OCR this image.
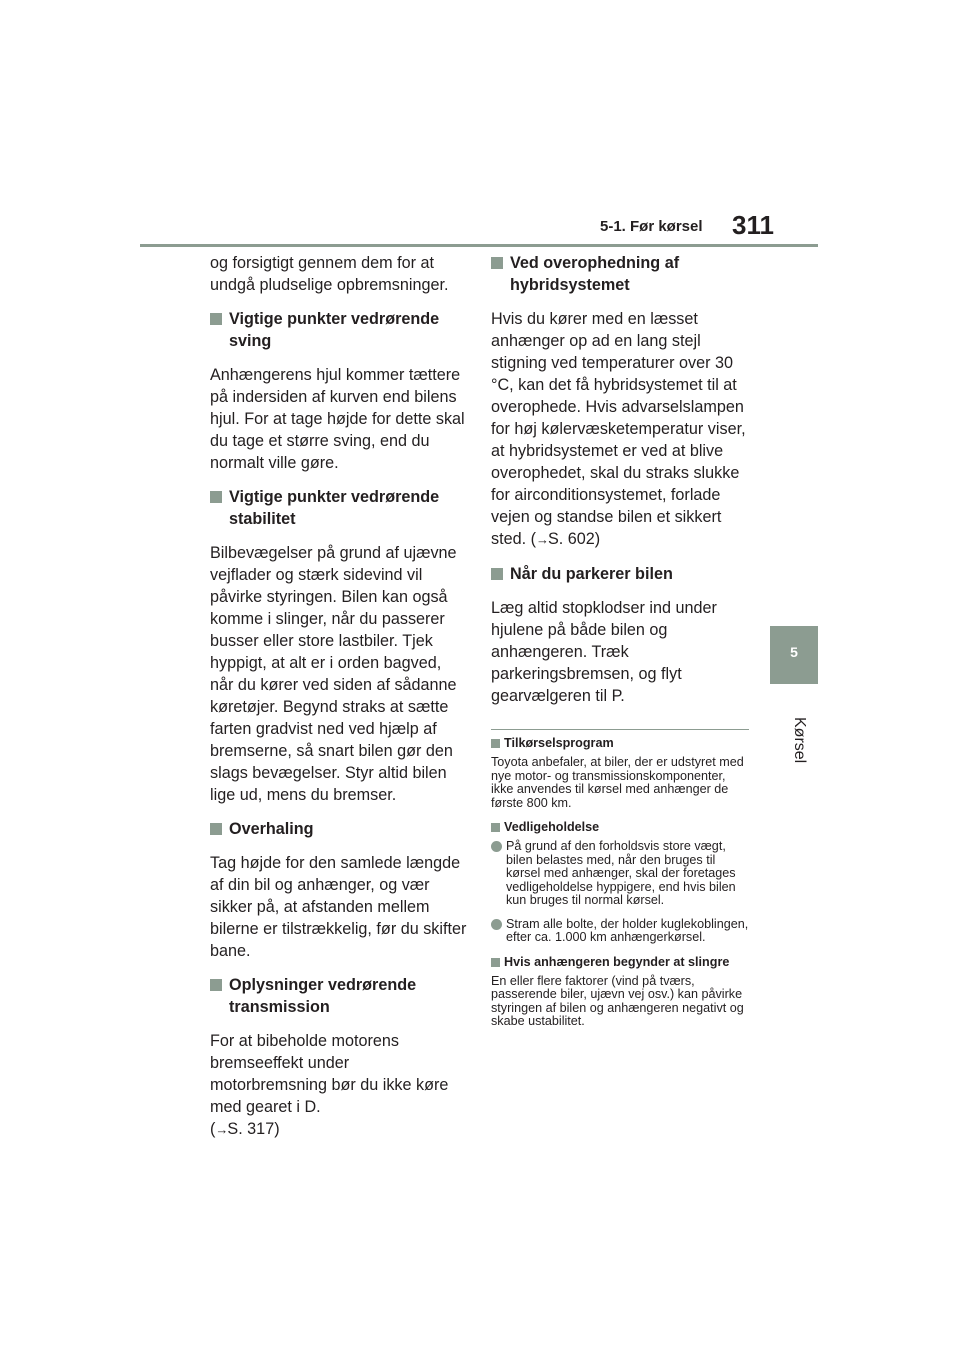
5-1. Før kørsel 311
5
Kørsel

og forsigtigt gennem dem for at undgå pludselige opbremsninger.

Vigtige punkter vedrørende sving

Anhængerens hjul kommer tættere på indersiden af kurven end bilens hjul. For at tage højde for dette skal du tage et større sving, end du normalt ville gøre.

Vigtige punkter vedrørende stabilitet

Bilbevægelser på grund af ujævne vejflader og stærk sidevind vil påvirke styringen. Bilen kan også komme i slinger, når du passerer busser eller store lastbiler. Tjek hyppigt, at alt er i orden bagved, når du kører ved siden af sådanne køretøjer. Begynd straks at sætte farten gradvist ned ved hjælp af bremserne, så snart bilen gør den slags bevægelser. Styr altid bilen lige ud, mens du bremser.

Overhaling

Tag højde for den samlede længde af din bil og anhænger, og vær sikker på, at afstanden mellem bilerne er tilstrækkelig, før du skifter bane.

Oplysninger vedrørende transmission

For at bibeholde motorens bremseeffekt under motorbremsning bør du ikke køre med gearet i D.
(→S. 317)

Ved overophedning af hybridsystemet

Hvis du kører med en læsset anhænger op ad en lang stejl stigning ved temperaturer over 30 °C, kan det få hybridsystemet til at overophede. Hvis advarselslampen for høj kølervæsketemperatur viser, at hybridsystemet er ved at blive overophedet, skal du straks slukke for airconditionsystemet, forlade vejen og standse bilen et sikkert sted. (→S. 602)

Når du parkerer bilen

Læg altid stopklodser ind under hjulene på både bilen og anhængeren. Træk parkeringsbremsen, og flyt gearvælgeren til P.

Tilkørselsprogram

Toyota anbefaler, at biler, der er udstyret med nye motor- og transmissionskomponenter, ikke anvendes til kørsel med anhænger de første 800 km.

Vedligeholdelse
På grund af den forholdsvis store vægt, bilen belastes med, når den bruges til kørsel med anhænger, skal der foretages vedligeholdelse hyppigere, end hvis bilen kun bruges til normal kørsel.
Stram alle bolte, der holder kuglekoblingen, efter ca. 1.000 km anhængerkørsel.
Hvis anhængeren begynder at slingre

En eller flere faktorer (vind på tværs, passerende biler, ujævn vej osv.) kan påvirke styringen af bilen og anhængeren negativt og skabe ustabilitet.
